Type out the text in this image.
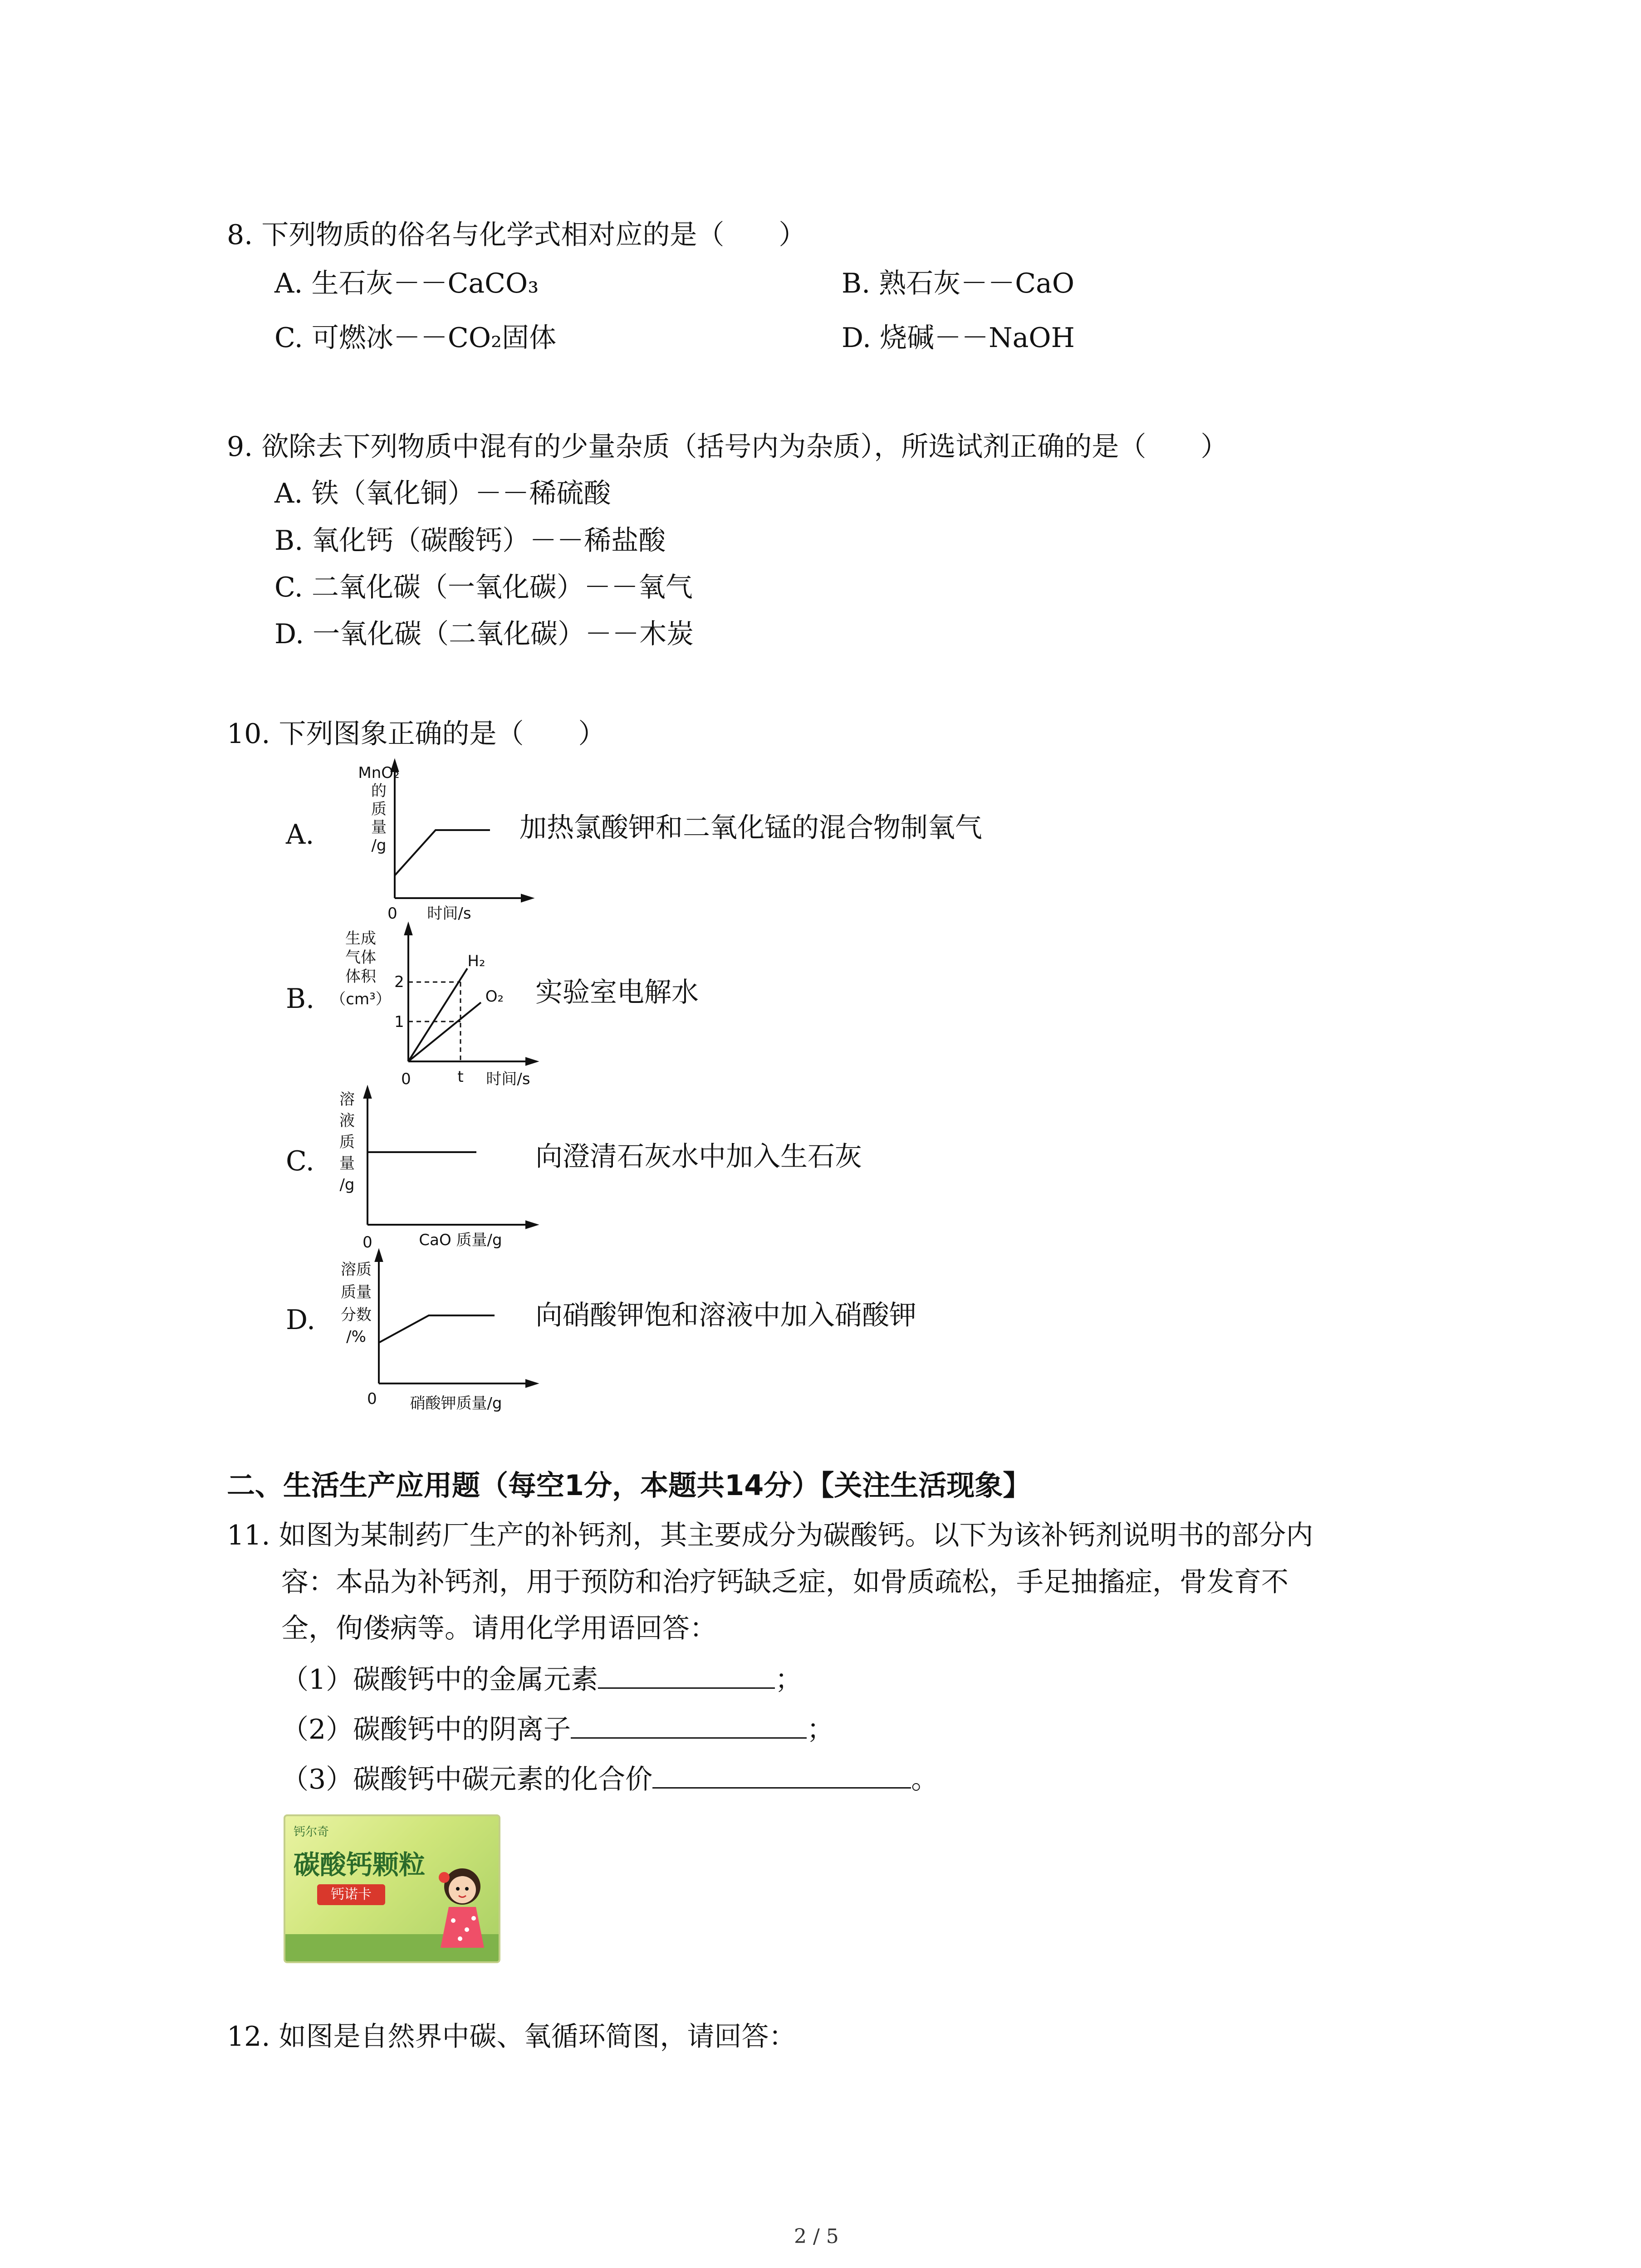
8. 下列物质的俗名与化学式相对应的是（　　）
A. 生石灰－－CaCO₃	B. 熟石灰－－CaO
C. 可燃冰－－CO₂固体	D. 烧碱－－NaOH
9. 欲除去下列物质中混有的少量杂质（括号内为杂质），所选试剂正确的是（　　）
A. 铁（氧化铜）－－稀硫酸
B. 氧化钙（碳酸钙）－－稀盐酸
C. 二氧化碳（一氧化碳）－－氧气
D. 一氧化碳（二氧化碳）－－木炭
10. 下列图象正确的是（　　）
A.
MnO₂
的
质
量
/g
0 时间/s
加热氯酸钾和二氧化锰的混合物制氧气
B.
生成
气体
体积
（cm³）
2
1
0	t 时间/s
H₂
O₂ 实验室电解水
C.
溶
液
质
量
/g
0	CaO 质量/g
向澄清石灰水中加入生石灰
D.
溶质
质量
分数
/%
0 硝酸钾质量/g
向硝酸钾饱和溶液中加入硝酸钾
二、生活生产应用题（每空1分，本题共14分）【关注生活现象】
11. 如图为某制药厂生产的补钙剂，其主要成分为碳酸钙。以下为该补钙剂说明书的部分内
容：本品为补钙剂，用于预防和治疗钙缺乏症，如骨质疏松，手足抽搐症，骨发育不
全，佝偻病等。请用化学用语回答：
（1）碳酸钙中的金属元素	；
（2）碳酸钙中的阴离子	；
（3）碳酸钙中碳元素的化合价	。
钙尔奇
碳酸钙颗粒
钙诺卡
12. 如图是自然界中碳、氧循环简图，请回答：
2 / 5
